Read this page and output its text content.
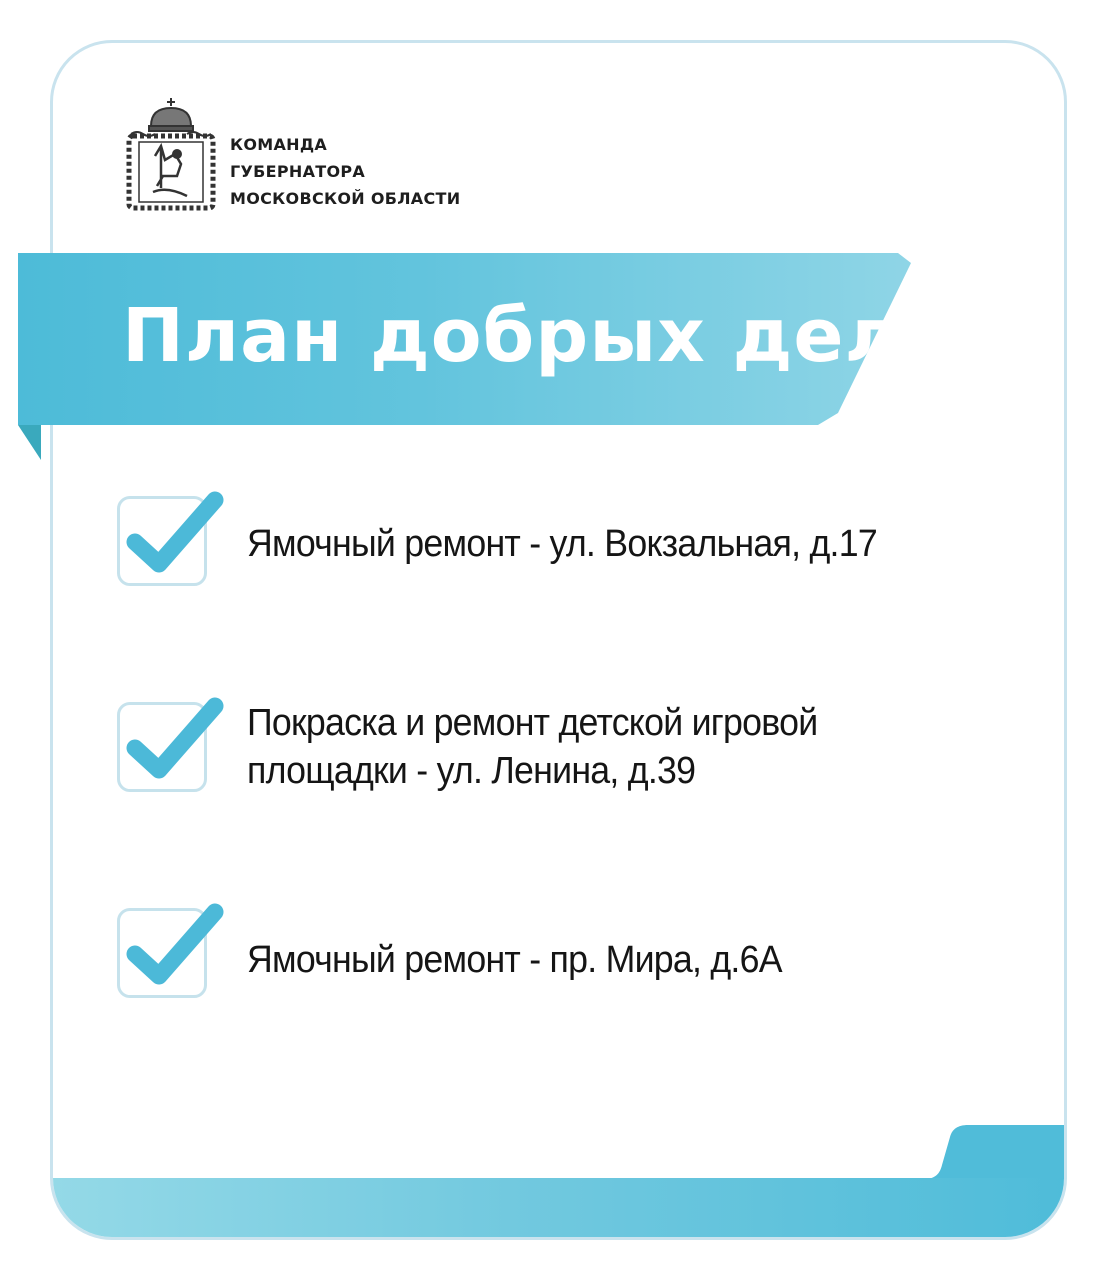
КОМАНДА
ГУБЕРНАТОРА
МОСКОВСКОЙ ОБЛАСТИ
План добрых дел
Ямочный ремонт - ул. Вокзальная, д.17
Покраска и ремонт детской игровой
площадки - ул. Ленина, д.39
Ямочный ремонт - пр. Мира, д.6А
